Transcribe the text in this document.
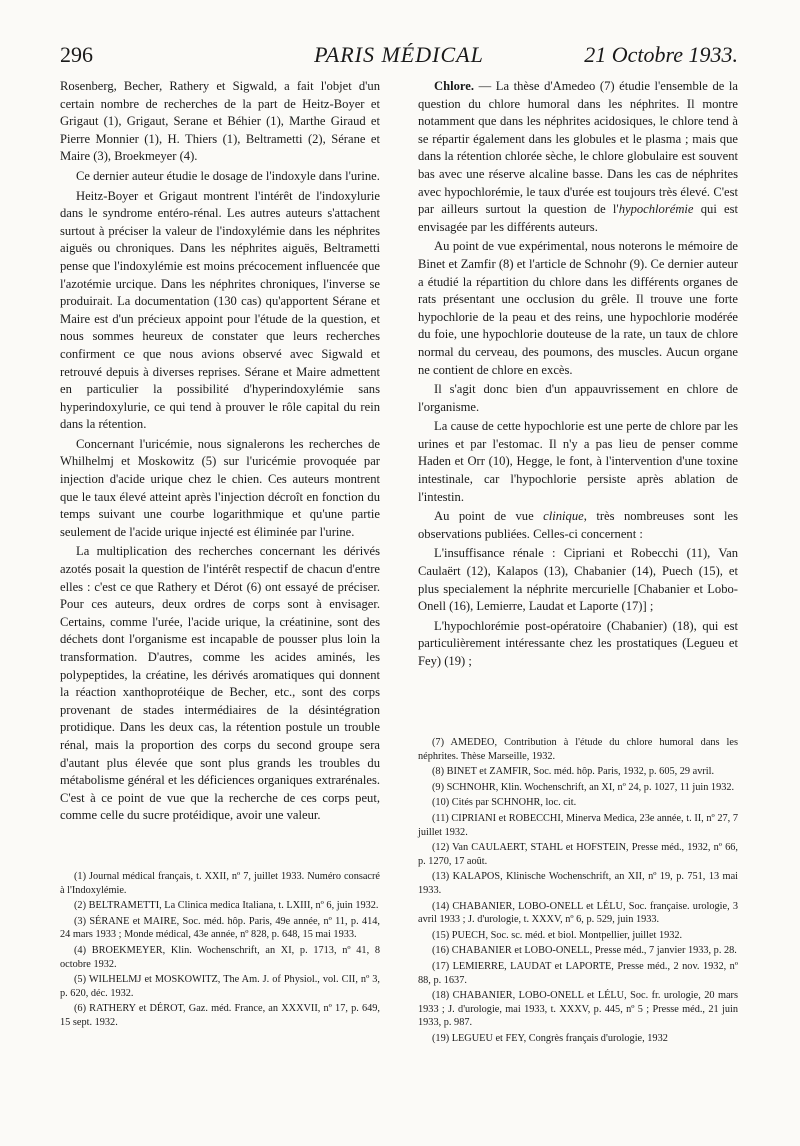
296	PARIS MÉDICAL	21 Octobre 1933.

Rosenberg, Becher, Rathery et Sigwald, a fait l'objet d'un certain nombre de recherches de la part de Heitz-Boyer et Grigaut (1), Grigaut, Serane et Béhier (1), Marthe Giraud et Pierre Monnier (1), H. Thiers (1), Beltrametti (2), Sérane et Maire (3), Broekmeyer (4).

Ce dernier auteur étudie le dosage de l'indoxyle dans l'urine.

Heitz-Boyer et Grigaut montrent l'intérêt de l'indoxylurie dans le syndrome entéro-rénal. Les autres auteurs s'attachent surtout à préciser la valeur de l'indoxylémie dans les néphrites aiguës ou chroniques. Dans les néphrites aiguës, Beltrametti pense que l'indoxylémie est moins précocement influencée que l'azotémie urcique. Dans les néphrites chroniques, l'inverse se produirait. La documentation (130 cas) qu'apportent Sérane et Maire est d'un précieux appoint pour l'étude de la question, et nous sommes heureux de constater que leurs recherches confirment ce que nous avions observé avec Sigwald et retrouvé depuis à diverses reprises. Sérane et Maire admettent en particulier la possibilité d'hyperindoxylémie sans hyperindoxylurie, ce qui tend à prouver le rôle capital du rein dans la rétention.

Concernant l'uricémie, nous signalerons les recherches de Whilhelmj et Moskowitz (5) sur l'uricémie provoquée par injection d'acide urique chez le chien. Ces auteurs montrent que le taux élevé atteint après l'injection décroît en fonction du temps suivant une courbe logarithmique et qu'une partie seulement de l'acide urique injecté est éliminée par l'urine.

La multiplication des recherches concernant les dérivés azotés posait la question de l'intérêt respectif de chacun d'entre elles : c'est ce que Rathery et Dérot (6) ont essayé de préciser. Pour ces auteurs, deux ordres de corps sont à envisager. Certains, comme l'urée, l'acide urique, la créatinine, sont des déchets dont l'organisme est incapable de pousser plus loin la transformation. D'autres, comme les acides aminés, les polypeptides, la créatine, les dérivés aromatiques qui donnent la réaction xanthoprotéique de Becher, etc., sont des corps provenant de stades intermédiaires de la désintégration protidique. Dans les deux cas, la rétention postule un trouble rénal, mais la proportion des corps du second groupe sera d'autant plus élevée que sont plus grands les troubles du métabolisme général et les déficiences organiques extrarénales. C'est à ce point de vue que la recherche de ces corps peut, comme celle du sucre protéidique, avoir une valeur.

Chlore. — La thèse d'Amedeo (7) étudie l'ensemble de la question du chlore humoral dans les néphrites. Il montre notamment que dans les néphrites acidosiques, le chlore tend à se répartir également dans les globules et le plasma ; mais que dans la rétention chlorée sèche, le chlore globulaire est souvent bas avec une réserve alcaline basse. Dans les cas de néphrites avec hypochlorémie, le taux d'urée est toujours très élevé. C'est par ailleurs surtout la question de l'hypochlorémie qui est envisagée par les différents auteurs.

Au point de vue expérimental, nous noterons le mémoire de Binet et Zamfir (8) et l'article de Schnohr (9). Ce dernier auteur a étudié la répartition du chlore dans les différents organes de rats présentant une occlusion du grêle. Il trouve une forte hypochlorie de la peau et des reins, une hypochlorie modérée du foie, une hypochlorie douteuse de la rate, un taux de chlore normal du cerveau, des poumons, des muscles. Aucun organe ne contient de chlore en excès.

Il s'agit donc bien d'un appauvrissement en chlore de l'organisme.

La cause de cette hypochlorie est une perte de chlore par les urines et par l'estomac. Il n'y a pas lieu de penser comme Haden et Orr (10), Hegge, le font, à l'intervention d'une toxine intestinale, car l'hypochlorie persiste après ablation de l'intestin.

Au point de vue clinique, très nombreuses sont les observations publiées. Celles-ci concernent :

L'insuffisance rénale : Cipriani et Robecchi (11), Van Caulaërt (12), Kalapos (13), Chabanier (14), Puech (15), et plus specialement la néphrite mercurielle [Chabanier et Lobo-Onell (16), Lemierre, Laudat et Laporte (17)] ;

L'hypochlorémie post-opératoire (Chabanier) (18), qui est particulièrement intéressante chez les prostatiques (Legueu et Fey) (19) ;

(1) Journal médical français, t. XXII, nº 7, juillet 1933. Numéro consacré à l'Indoxylémie.

(2) BELTRAMETTI, La Clinica medica Italiana, t. LXIII, nº 6, juin 1932.

(3) SÉRANE et MAIRE, Soc. méd. hôp. Paris, 49e année, nº 11, p. 414, 24 mars 1933 ; Monde médical, 43e année, nº 828, p. 648, 15 mai 1933.

(4) BROEKMEYER, Klin. Wochenschrift, an XI, p. 1713, nº 41, 8 octobre 1932.

(5) WILHELMJ et MOSKOWITZ, The Am. J. of Physiol., vol. CII, nº 3, p. 620, déc. 1932.

(6) RATHERY et DÉROT, Gaz. méd. France, an XXXVII, nº 17, p. 649, 15 sept. 1932.

(7) AMEDEO, Contribution à l'étude du chlore humoral dans les néphrites. Thèse Marseille, 1932.

(8) BINET et ZAMFIR, Soc. méd. hôp. Paris, 1932, p. 605, 29 avril.

(9) SCHNOHR, Klin. Wochenschrift, an XI, nº 24, p. 1027, 11 juin 1932.

(10) Cités par SCHNOHR, loc. cit.

(11) CIPRIANI et ROBECCHI, Minerva Medica, 23e année, t. II, nº 27, 7 juillet 1932.

(12) Van CAULAERT, STAHL et HOFSTEIN, Presse méd., 1932, nº 66, p. 1270, 17 août.

(13) KALAPOS, Klinische Wochenschrift, an XII, nº 19, p. 751, 13 mai 1933.

(14) CHABANIER, LOBO-ONELL et LÉLU, Soc. française. urologie, 3 avril 1933 ; J. d'urologie, t. XXXV, nº 6, p. 529, juin 1933.

(15) PUECH, Soc. sc. méd. et biol. Montpellier, juillet 1932.

(16) CHABANIER et LOBO-ONELL, Presse méd., 7 janvier 1933, p. 28.

(17) LEMIERRE, LAUDAT et LAPORTE, Presse méd., 2 nov. 1932, nº 88, p. 1637.

(18) CHABANIER, LOBO-ONELL et LÉLU, Soc. fr. urologie, 20 mars 1933 ; J. d'urologie, mai 1933, t. XXXV, p. 445, nº 5 ; Presse méd., 21 juin 1933, p. 987.

(19) LEGUEU et FEY, Congrès français d'urologie, 1932
